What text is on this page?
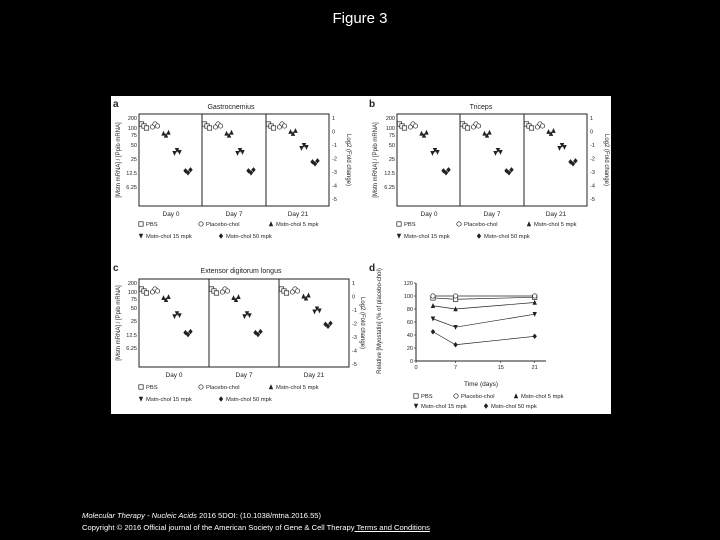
Figure 3
a	b
c	d
Gastrocnemius	Triceps
Extensor digitorum longus
[Mstn mRNA] / [Ppib mRNA]	Log2 (Fold change)
Day 0	Day 7	Day 21
[Mstn mRNA] / [Ppib mRNA]	Log2 (Fold change)
Day 0	Day 7	Day 21
[Mstn mRNA] / [Ppib mRNA]	Log2 (Fold change)
Day 0	Day 7	Day 21
Relative [Myostatin] (% of placebo-chol)
Time (days)
120
100
80
60
40
20
0
0	7	15	21
PBS	Placebo-chol	Mstn-chol 5 mpk
Mstn-chol 15 mpk	Mstn-chol 50 mpk
PBS	Placebo-chol	Mstn-chol 5 mpk
Mstn-chol 15 mpk	Mstn-chol 50 mpk
PBS	Placebo-chol	Mstn-chol 5 mpk
Mstn-chol 15 mpk	Mstn-chol 50 mpk	PBS	Placebo-chol	Mstn-chol 5 mpk
Mstn-chol 15 mpk	Mstn-chol 50 mpk
200	200
200
100	100
100
75	75
75
50	50
50
25	25
25
12.5	12.5
12.5
6.25	6.25
6.25
1	1
1
0	0
0
-1	-1
-1
-2	-2
-2
-3	-3
-3
-4	-4
-4
-5	-5
-5
Molecular Therapy - Nucleic Acids 2016 5DOI: (10.1038/mtna.2016.55)
Copyright © 2016 Official journal of the American Society of Gene & Cell Therapy Terms and Conditions
